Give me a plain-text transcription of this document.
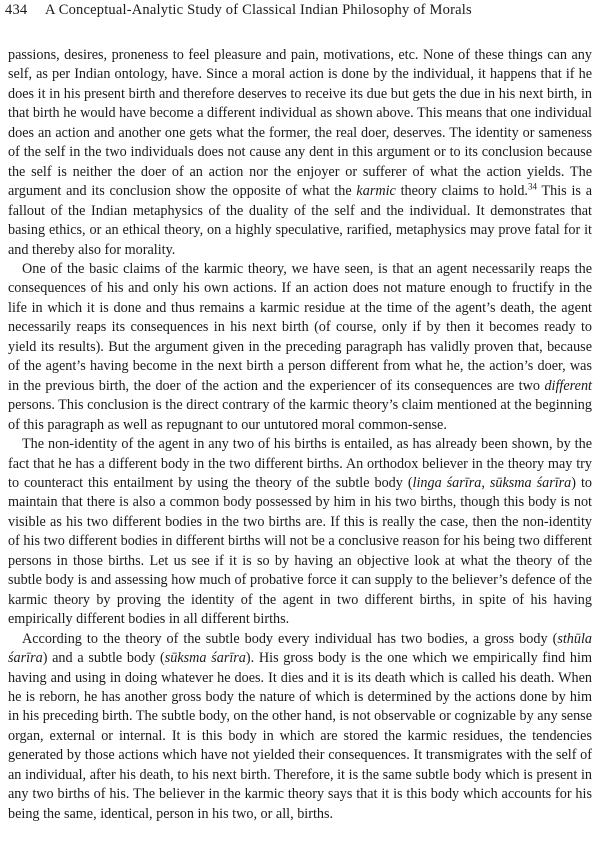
434 A Conceptual-Analytic Study of Classical Indian Philosophy of Morals

passions, desires, proneness to feel pleasure and pain, motivations, etc. None of these things can any self, as per Indian ontology, have. Since a moral action is done by the individual, it happens that if he does it in his present birth and therefore deserves to receive its due but gets the due in his next birth, in that birth he would have become a different individual as shown above. This means that one individual does an action and another one gets what the former, the real doer, deserves. The identity or sameness of the self in the two individuals does not cause any dent in this argument or to its conclusion because the self is neither the doer of an action nor the enjoyer or sufferer of what the action yields. The argument and its conclusion show the opposite of what the karmic theory claims to hold.$^{34}$ This is a fallout of the Indian metaphysics of the duality of the self and the individual. It demonstrates that basing ethics, or an ethical theory, on a highly speculative, rarified, metaphysics may prove fatal for it and thereby also for morality.

One of the basic claims of the karmic theory, we have seen, is that an agent necessarily reaps the consequences of his and only his own actions. If an action does not mature enough to fructify in the life in which it is done and thus remains a karmic residue at the time of the agent’s death, the agent necessarily reaps its consequences in his next birth (of course, only if by then it becomes ready to yield its results). But the argument given in the preceding paragraph has validly proven that, because of the agent’s having become in the next birth a person different from what he, the action’s doer, was in the previous birth, the doer of the action and the experiencer of its consequences are two different persons. This conclusion is the direct contrary of the karmic theory’s claim mentioned at the beginning of this paragraph as well as repugnant to our untutored moral common-sense.

The non-identity of the agent in any two of his births is entailed, as has already been shown, by the fact that he has a different body in the two different births. An orthodox believer in the theory may try to counteract this entailment by using the theory of the subtle body (linga śarīra, sūksma śarīra) to maintain that there is also a common body possessed by him in his two births, though this body is not visible as his two different bodies in the two births are. If this is really the case, then the non-identity of his two different bodies in different births will not be a conclusive reason for his being two different persons in those births. Let us see if it is so by having an objective look at what the theory of the subtle body is and assessing how much of probative force it can supply to the believer’s defence of the karmic theory by proving the identity of the agent in two different births, in spite of his having empirically different bodies in all different births.

According to the theory of the subtle body every individual has two bodies, a gross body (sthūla śarīra) and a subtle body (sūksma śarīra). His gross body is the one which we empirically find him having and using in doing whatever he does. It dies and it is its death which is called his death. When he is reborn, he has another gross body the nature of which is determined by the actions done by him in his preceding birth. The subtle body, on the other hand, is not observable or cognizable by any sense organ, external or internal. It is this body in which are stored the karmic residues, the tendencies generated by those actions which have not yielded their consequences. It transmigrates with the self of an individual, after his death, to his next birth. Therefore, it is the same subtle body which is present in any two births of his. The believer in the karmic theory says that it is this body which accounts for his being the same, identical, person in his two, or all, births.
